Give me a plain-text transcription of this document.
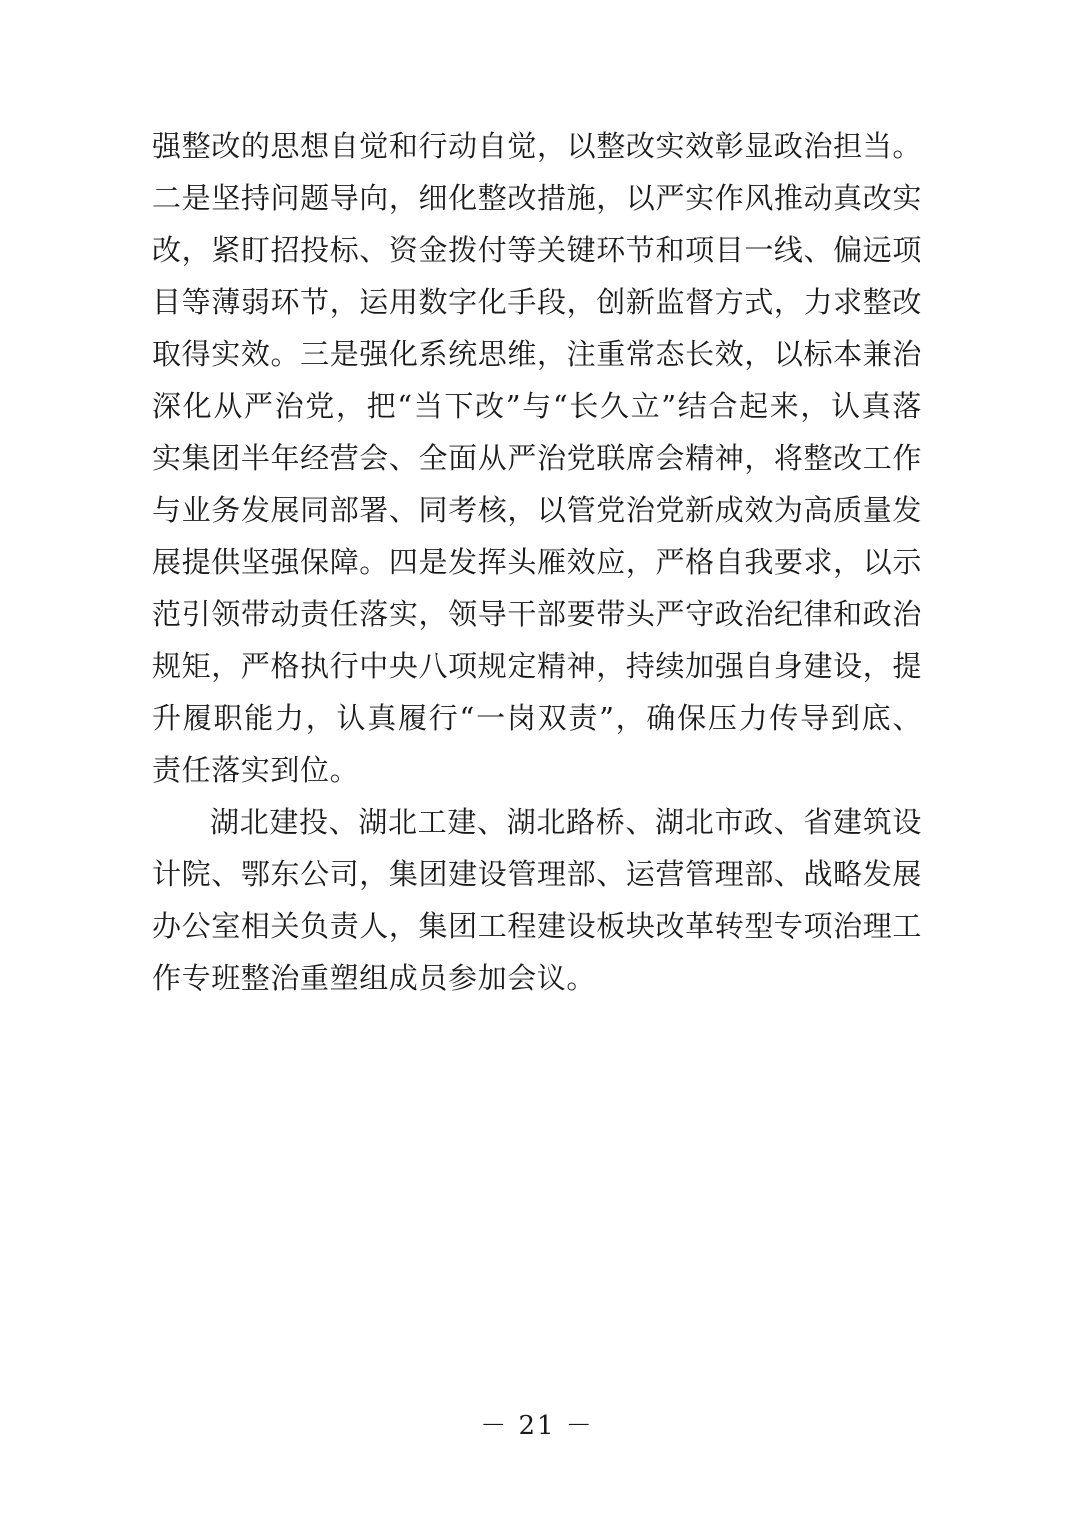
强整改的思想自觉和行动自觉，以整改实效彰显政治担当。二是坚持问题导向，细化整改措施，以严实作风推动真改实改，紧盯招投标、资金拨付等关键环节和项目一线、偏远项目等薄弱环节，运用数字化手段，创新监督方式，力求整改取得实效。三是强化系统思维，注重常态长效，以标本兼治深化从严治党，把“当下改”与“长久立”结合起来，认真落实集团半年经营会、全面从严治党联席会精神，将整改工作与业务发展同部署、同考核，以管党治党新成效为高质量发展提供坚强保障。四是发挥头雁效应，严格自我要求，以示范引领带动责任落实，领导干部要带头严守政治纪律和政治规矩，严格执行中央八项规定精神，持续加强自身建设，提升履职能力，认真履行“一岗双责”，确保压力传导到底、责任落实到位。

湖北建投、湖北工建、湖北路桥、湖北市政、省建筑设计院、鄂东公司，集团建设管理部、运营管理部、战略发展办公室相关负责人，集团工程建设板块改革转型专项治理工作专班整治重塑组成员参加会议。

－ 21 －
